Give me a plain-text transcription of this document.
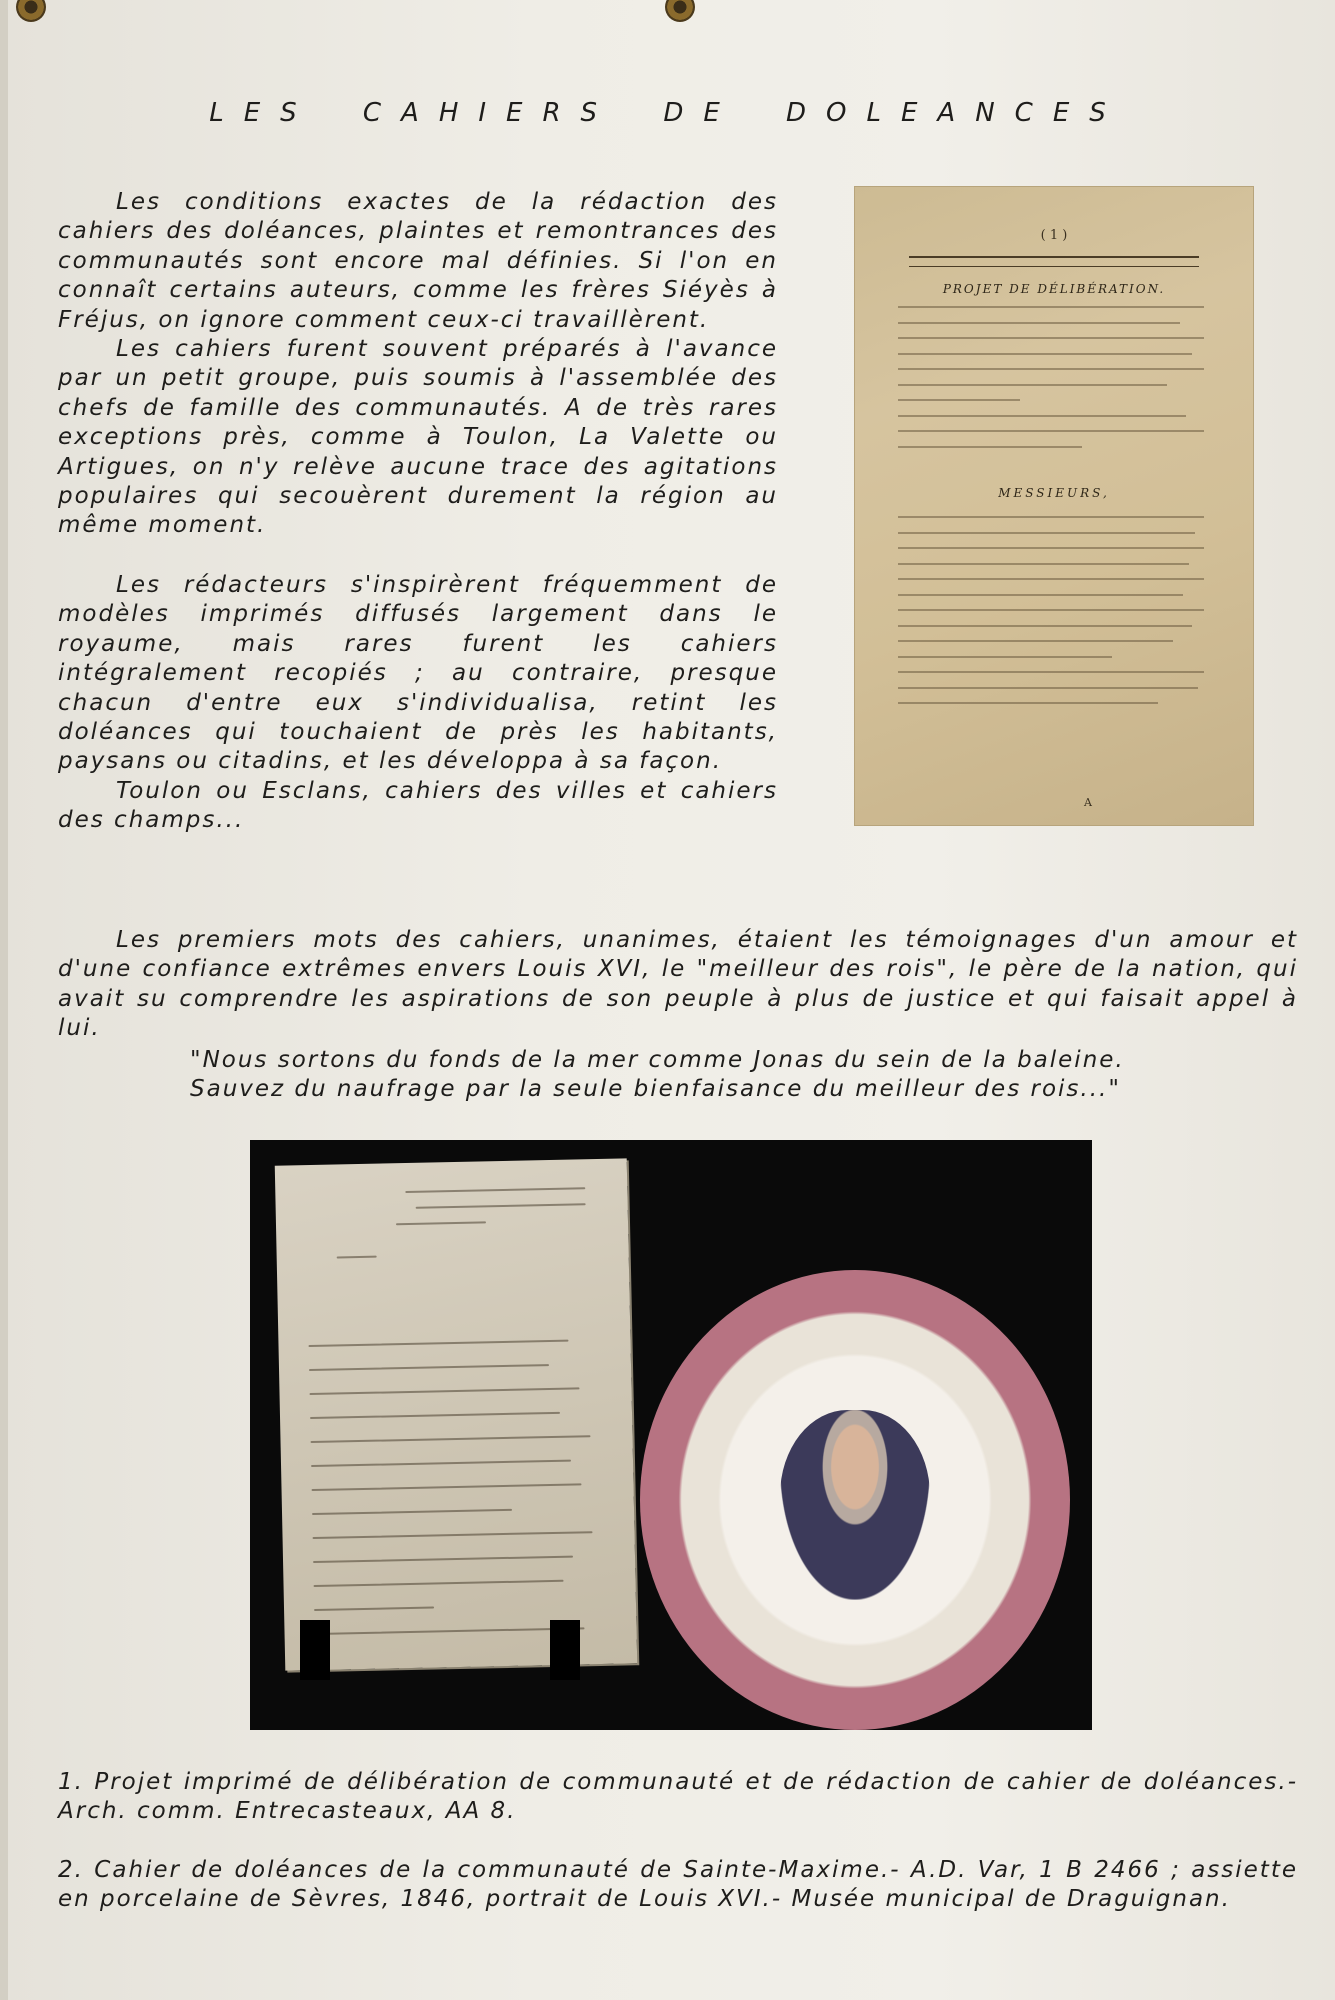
LES CAHIERS DE DOLEANCES

Les conditions exactes de la rédaction des cahiers des doléances, plaintes et remontrances des communautés sont encore mal définies. Si l'on en connaît certains auteurs, comme les frères Siéyès à Fréjus, on ignore comment ceux-ci travaillèrent.

Les cahiers furent souvent préparés à l'avance par un petit groupe, puis soumis à l'assemblée des chefs de famille des communautés. A de très rares exceptions près, comme à Toulon, La Valette ou Artigues, on n'y relève aucune trace des agitations populaires qui secouèrent durement la région au même moment.

Les rédacteurs s'inspirèrent fréquemment de modèles imprimés diffusés largement dans le royaume, mais rares furent les cahiers intégralement recopiés ; au contraire, presque chacun d'entre eux s'individualisa, retint les doléances qui touchaient de près les habitants, paysans ou citadins, et les développa à sa façon.

Toulon ou Esclans, cahiers des villes et cahiers des champs...

( 1 )
PROJET DE DÉLIBÉRATION.
MESSIEURS,
A

Les premiers mots des cahiers, unanimes, étaient les témoignages d'un amour et d'une confiance extrêmes envers Louis XVI, le "meilleur des rois", le père de la nation, qui avait su comprendre les aspirations de son peuple à plus de justice et qui faisait appel à lui.

"Nous sortons du fonds de la mer comme Jonas du sein de la baleine.
Sauvez du naufrage par la seule bienfaisance du meilleur des rois..."

1. Projet imprimé de délibération de communauté et de rédaction de cahier de doléances.- Arch. comm. Entrecasteaux, AA 8.

2. Cahier de doléances de la communauté de Sainte-Maxime.- A.D. Var, 1 B 2466 ; assiette en porcelaine de Sèvres, 1846, portrait de Louis XVI.- Musée municipal de Draguignan.
